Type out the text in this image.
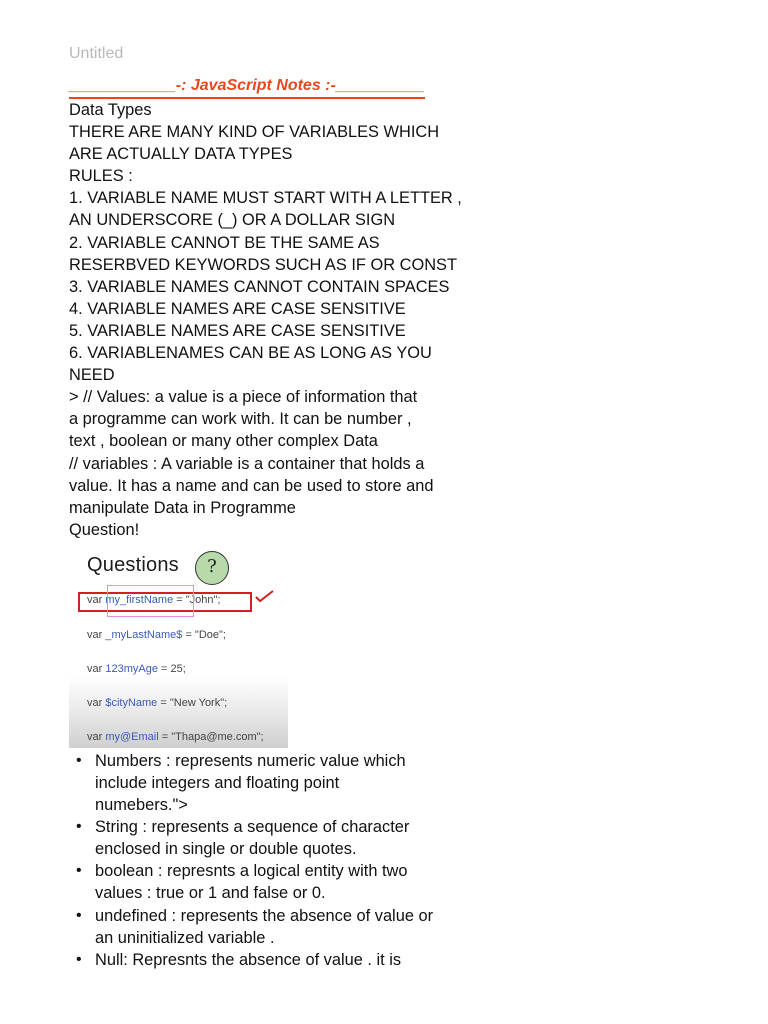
Untitled
____________-: JavaScript Notes :-__________
Data Types
THERE ARE MANY KIND OF VARIABLES WHICH
ARE ACTUALLY DATA TYPES
RULES :
1. VARIABLE NAME MUST START WITH A LETTER ,
AN UNDERSCORE (_) OR A DOLLAR SIGN
2. VARIABLE CANNOT BE THE SAME AS
RESERBVED KEYWORDS SUCH AS IF OR CONST
3. VARIABLE NAMES CANNOT CONTAIN SPACES
4. VARIABLE NAMES ARE CASE SENSITIVE
5. VARIABLE NAMES ARE CASE SENSITIVE
6. VARIABLENAMES CAN BE AS LONG AS YOU
NEED
> // Values: a value is a piece of information that
a programme can work with. It can be number ,
text , boolean or many other complex Data
// variables : A variable is a container that holds a
value. It has a name and can be used to store and
manipulate Data in Programme
Question!
Questions	?
var my_firstName = "John";
var _myLastName$ = "Doe";
var 123myAge = 25;
var $cityName = "New York";
var my@Email = "Thapa@me.com";
• Numbers : represents numeric value which
include integers and floating point
numebers.">
• String : represents a sequence of character
enclosed in single or double quotes.
• boolean : represnts a logical entity with two
values : true or 1 and false or 0.
• undefined : represents the absence of value or
an uninitialized variable .
• Null: Represnts the absence of value . it is
